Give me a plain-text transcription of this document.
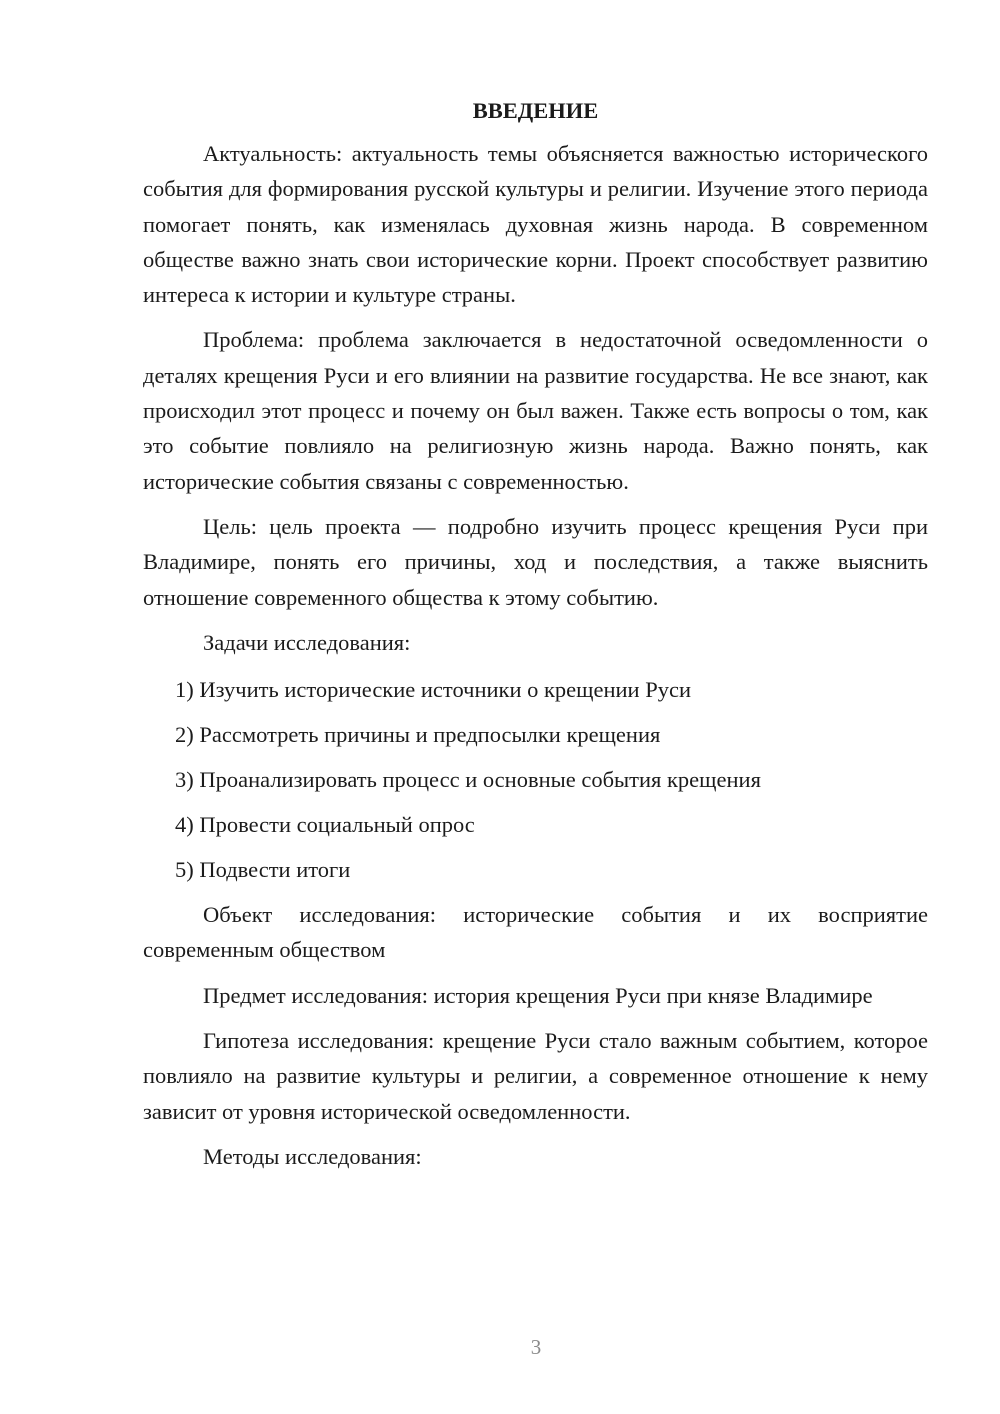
ВВЕДЕНИЕ

Актуальность: актуальность темы объясняется важностью исторического события для формирования русской культуры и религии. Изучение этого периода помогает понять, как изменялась духовная жизнь народа. В современном обществе важно знать свои исторические корни. Проект способствует развитию интереса к истории и культуре страны.

Проблема: проблема заключается в недостаточной осведомленности о деталях крещения Руси и его влиянии на развитие государства. Не все знают, как происходил этот процесс и почему он был важен. Также есть вопросы о том, как это событие повлияло на религиозную жизнь народа. Важно понять, как исторические события связаны с современностью.

Цель: цель проекта — подробно изучить процесс крещения Руси при Владимире, понять его причины, ход и последствия, а также выяснить отношение современного общества к этому событию.

Задачи исследования:

1) Изучить исторические источники о крещении Руси
2) Рассмотреть причины и предпосылки крещения
3) Проанализировать процесс и основные события крещения
4) Провести социальный опрос
5) Подвести итоги

Объект исследования: исторические события и их восприятие современным обществом

Предмет исследования: история крещения Руси при князе Владимире

Гипотеза исследования: крещение Руси стало важным событием, которое повлияло на развитие культуры и религии, а современное отношение к нему зависит от уровня исторической осведомленности.

Методы исследования:

3
